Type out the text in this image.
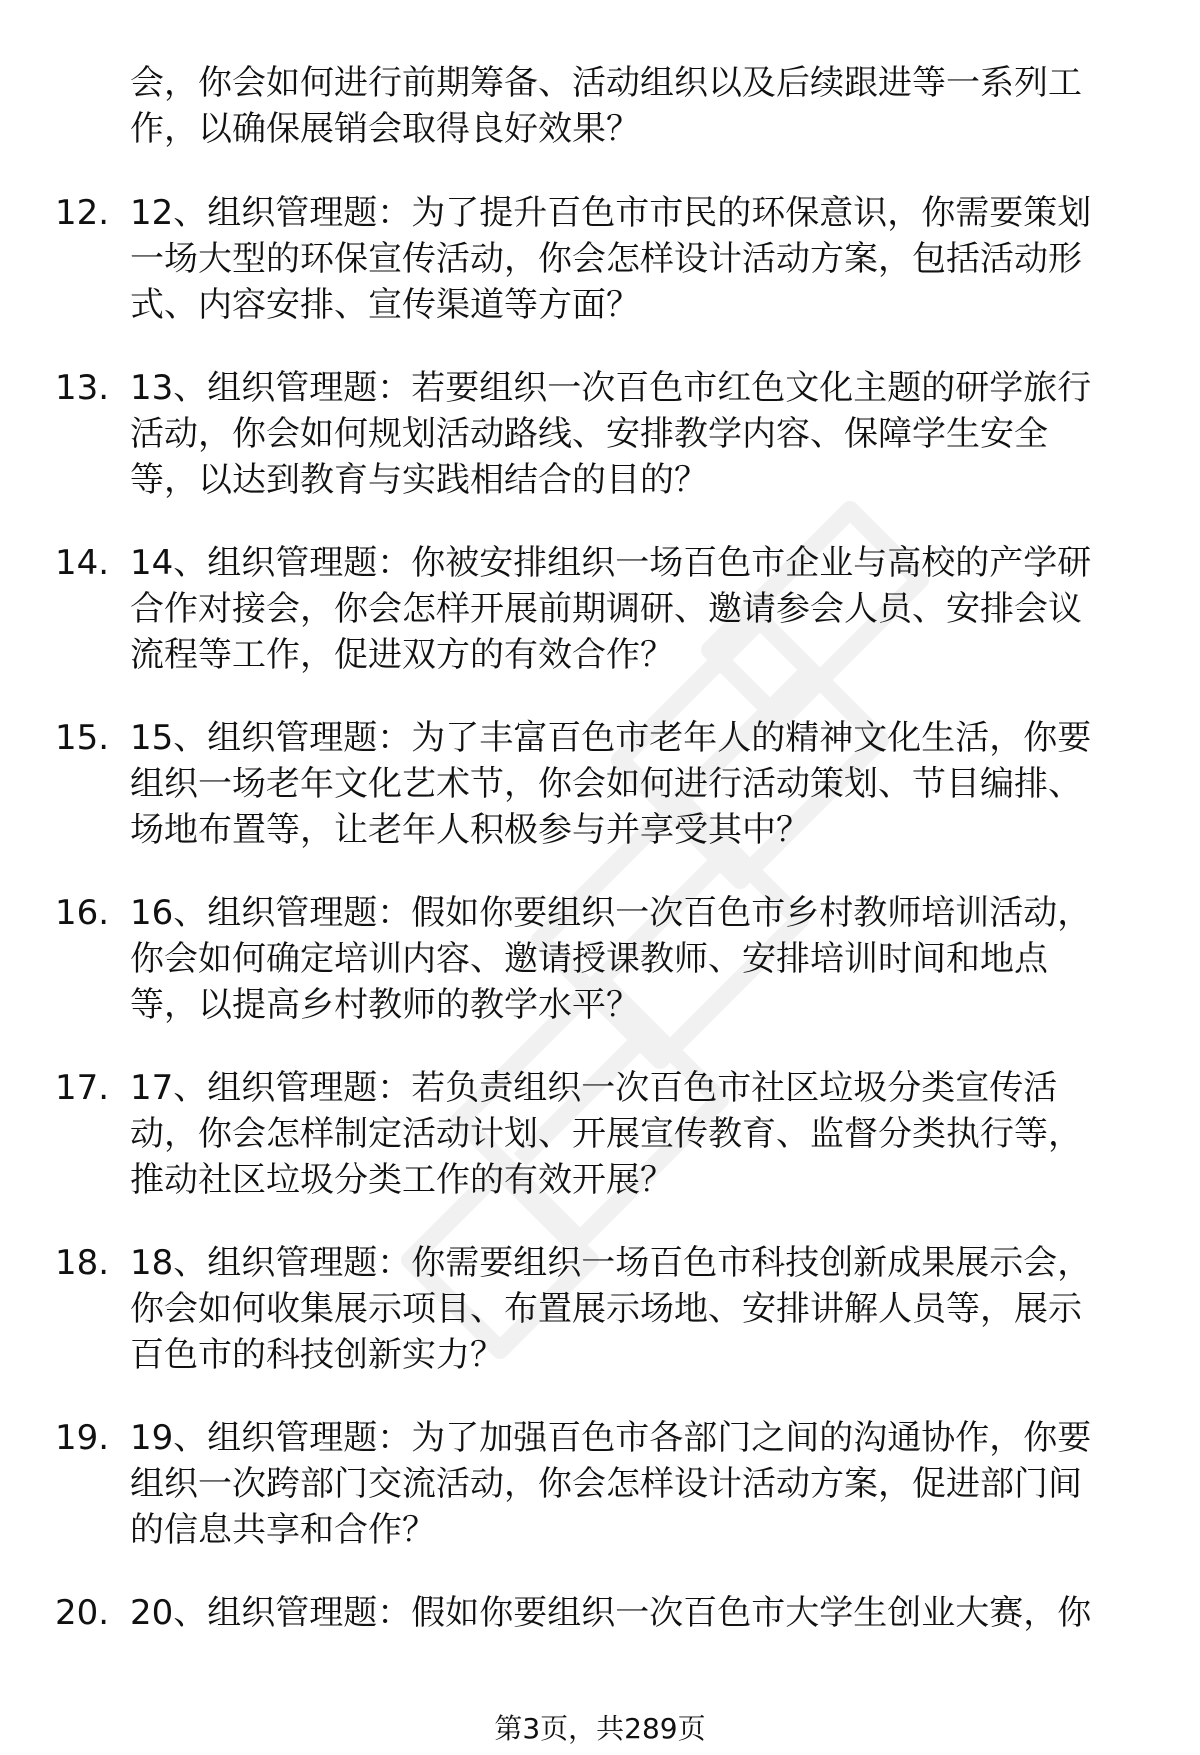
会，你会如何进行前期筹备、活动组织以及后续跟进等一系列工
作，以确保展销会取得良好效果？
12. 12、组织管理题：为了提升百色市市民的环保意识，你需要策划
一场大型的环保宣传活动，你会怎样设计活动方案，包括活动形
式、内容安排、宣传渠道等方面？
13. 13、组织管理题：若要组织一次百色市红色文化主题的研学旅行
活动，你会如何规划活动路线、安排教学内容、保障学生安全
等，以达到教育与实践相结合的目的？
14. 14、组织管理题：你被安排组织一场百色市企业与高校的产学研
合作对接会，你会怎样开展前期调研、邀请参会人员、安排会议
流程等工作，促进双方的有效合作？
15. 15、组织管理题：为了丰富百色市老年人的精神文化生活，你要
组织一场老年文化艺术节，你会如何进行活动策划、节目编排、
场地布置等，让老年人积极参与并享受其中？
16. 16、组织管理题：假如你要组织一次百色市乡村教师培训活动，
你会如何确定培训内容、邀请授课教师、安排培训时间和地点
等，以提高乡村教师的教学水平？
17. 17、组织管理题：若负责组织一次百色市社区垃圾分类宣传活
动，你会怎样制定活动计划、开展宣传教育、监督分类执行等，
推动社区垃圾分类工作的有效开展？
18. 18、组织管理题：你需要组织一场百色市科技创新成果展示会，
你会如何收集展示项目、布置展示场地、安排讲解人员等，展示
百色市的科技创新实力？
19. 19、组织管理题：为了加强百色市各部门之间的沟通协作，你要
组织一次跨部门交流活动，你会怎样设计活动方案，促进部门间
的信息共享和合作？
20. 20、组织管理题：假如你要组织一次百色市大学生创业大赛，你
第3页，共289页
